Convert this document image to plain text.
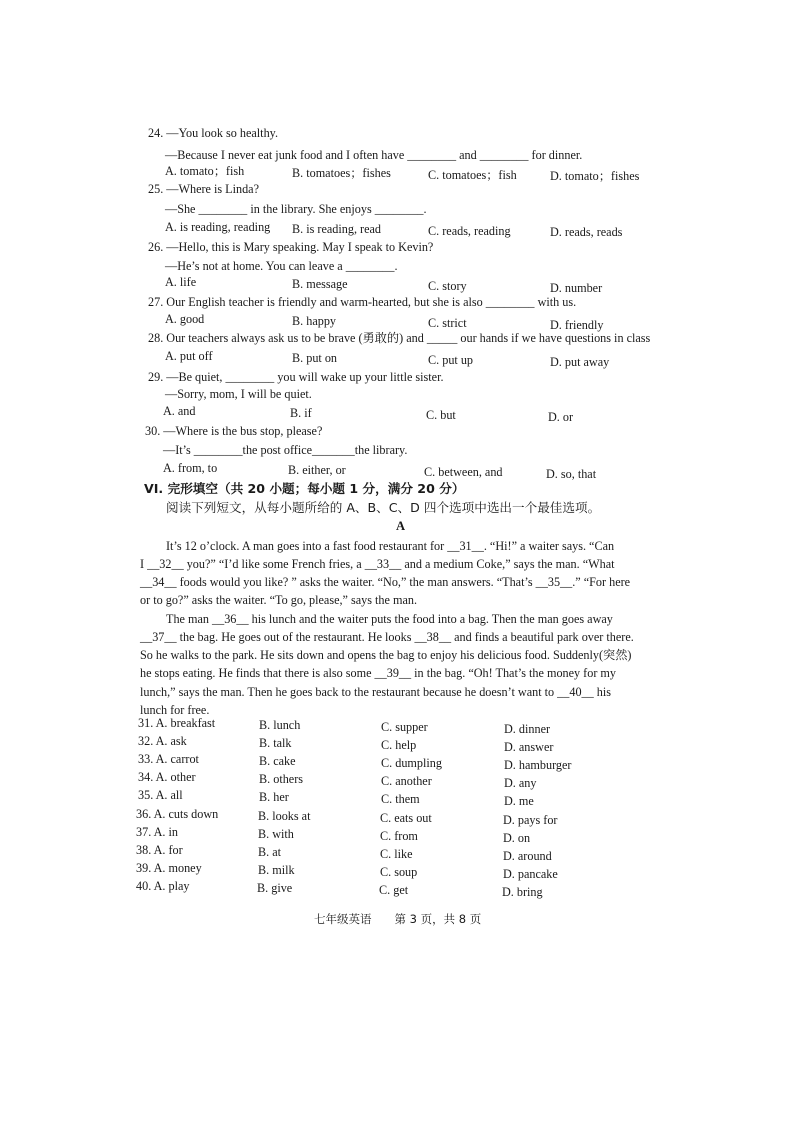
24. —You look so healthy.
—Because I never eat junk food and I often have ________ and ________ for dinner.
A. tomato；fish	B. tomatoes；fishes	C. tomatoes；fish	D. tomato；fishes
25. —Where is Linda?
—She ________ in the library. She enjoys ________.
A. is reading, reading B. is reading, read	C. reads, reading	D. reads, reads
26. —Hello, this is Mary speaking. May I speak to Kevin?
—He’s not at home. You can leave a ________.
A. life	B. message	C. story	D. number
27. Our English teacher is friendly and warm-hearted, but she is also ________ with us.
A. good	B. happy	C. strict	D. friendly
28. Our teachers always ask us to be brave (勇敢的) and _____ our hands if we have questions in class
A. put off	B. put on	C. put up	D. put away
29. —Be quiet, ________ you will wake up your little sister.
—Sorry, mom, I will be quiet.
A. and	B. if	C. but	D. or
30. —Where is the bus stop, please?
—It’s ________the post office_______the library.
A. from, to	B. either, or	C. between, and	D. so, that
VI. 完形填空（共 20 小题；每小题 1 分，满分 20 分）
阅读下列短文，从每小题所给的 A、B、C、D 四个选项中选出一个最佳选项。
A
It’s 12 o’clock. A man goes into a fast food restaurant for __31__. “Hi!” a waiter says. “Can
I __32__ you?” “I’d like some French fries, a __33__ and a medium Coke,” says the man. “What
__34__ foods would you like? ” asks the waiter. “No,” the man answers. “That’s __35__.” “For here
or to go?” asks the waiter. “To go, please,” says the man.
The man __36__ his lunch and the waiter puts the food into a bag. Then the man goes away
__37__ the bag. He goes out of the restaurant. He looks __38__ and finds a beautiful park over there.
So he walks to the park. He sits down and opens the bag to enjoy his delicious food. Suddenly(突然)
he stops eating. He finds that there is also some __39__ in the bag. “Oh! That’s the money for my
lunch,” says the man. Then he goes back to the restaurant because he doesn’t want to __40__ his
lunch for free.
31. A. breakfast	B. lunch	C. supper	D. dinner
32. A. ask	B. talk	C. help	D. answer
33. A. carrot	B. cake	C. dumpling	D. hamburger
34. A. other	B. others	C. another	D. any
35. A. all	B. her	C. them	D. me
36. A. cuts down	B. looks at	C. eats out	D. pays for
37. A. in	B. with	C. from	D. on
38. A. for	B. at	C. like	D. around
39. A. money	B. milk	C. soup	D. pancake
40. A. play	B. give	C. get	D. bring
七年级英语　　第 3 页，共 8 页
